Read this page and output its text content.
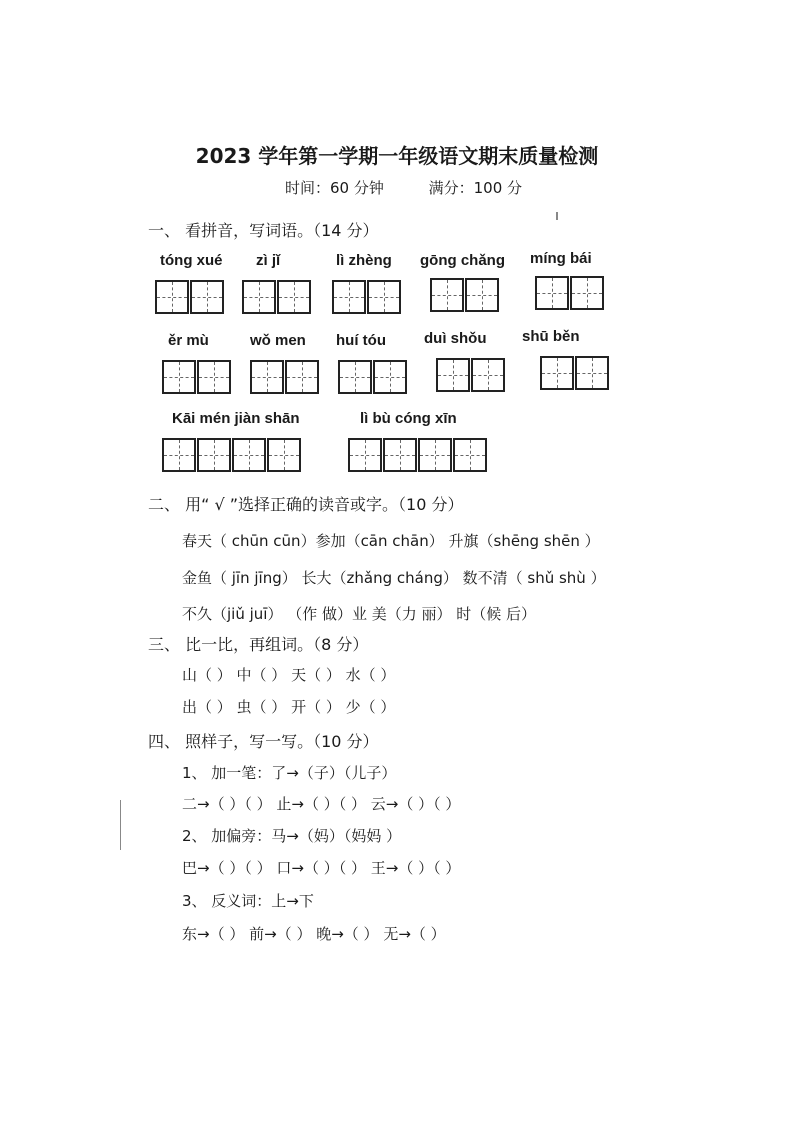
2023 学年第一学期一年级语文期末质量检测
时间：60 分钟	满分：100 分
一、 看拼音，写词语。（14 分）
tóng xué zì jǐ	lì zhèng gōng chǎng míng bái
ěr mù	wǒ men huí tóu	duì shǒu shū běn
Kāi mén jiàn shān	lì bù cóng xīn
二、 用“ √ ”选择正确的读音或字。（10 分）
春天（ chūn cūn）参加（cān chān） 升旗（shēng shēn ）
金鱼（ jīn jīng） 长大（zhǎng cháng） 数不清（ shǔ shù ）
不久（jiǔ juī） （作 做）业 美（力 丽） 时（候 后）
三、 比一比，再组词。（8 分）
山（ ） 中（ ） 天（ ） 水（ ）
出（ ） 虫（ ） 开（ ） 少（ ）
四、 照样子，写一写。（10 分）
1、 加一笔：了→（子）（儿子）
二→（ ）（ ） 止→（ ）（ ） 云→（ ）（ ）
2、 加偏旁：马→（妈）（妈妈 ）
巴→（ ）（ ） 口→（ ）（ ） 王→（ ）（ ）
3、 反义词：上→下
东→（ ） 前→（ ） 晚→（ ） 无→（ ）
